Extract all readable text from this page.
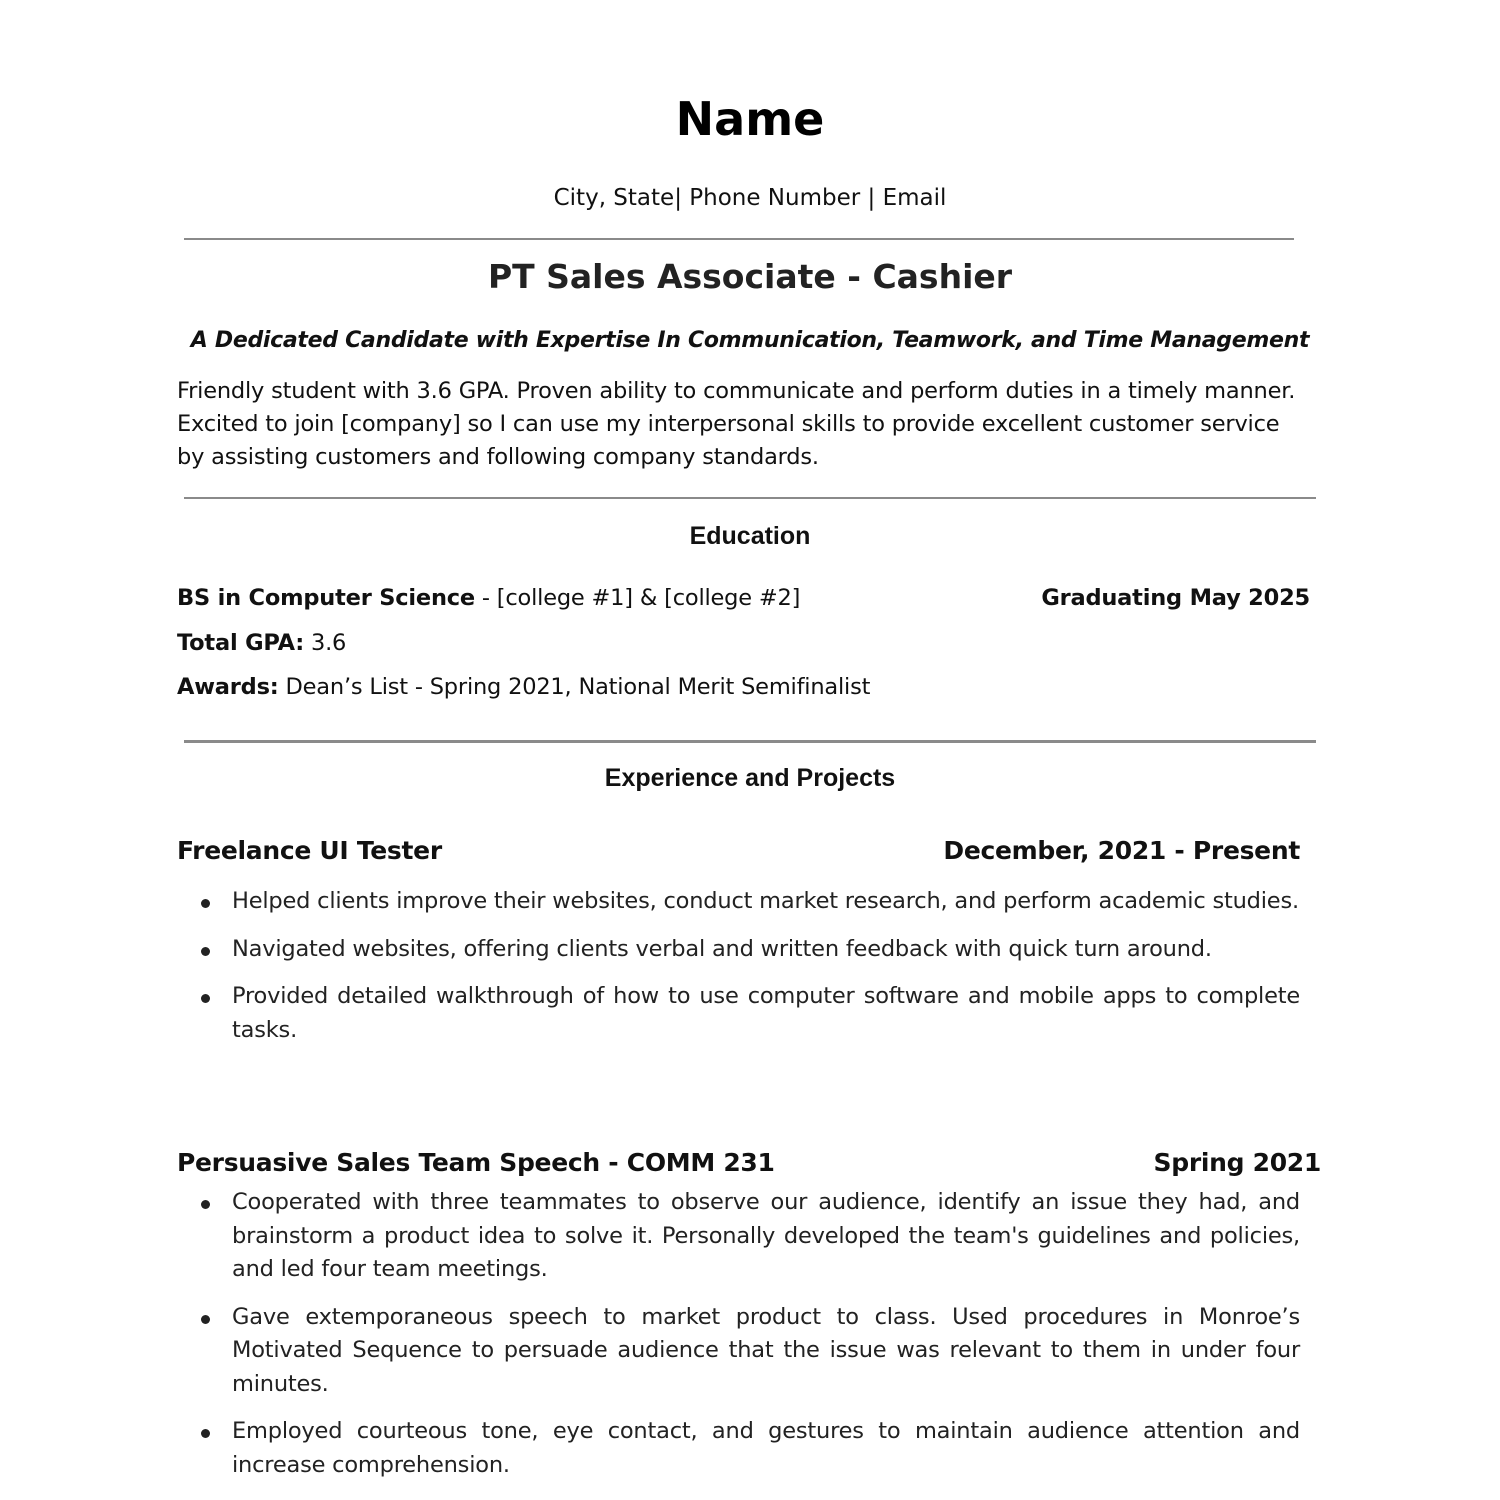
Name
City, State| Phone Number | Email
PT Sales Associate - Cashier
A Dedicated Candidate with Expertise In Communication, Teamwork, and Time Management
Friendly student with 3.6 GPA. Proven ability to communicate and perform duties in a timely manner. Excited to join [company] so I can use my interpersonal skills to provide excellent customer service by assisting customers and following company standards.
Education
BS in Computer Science - [college #1] & [college #2]	Graduating May 2025
Total GPA: 3.6
Awards: Dean’s List - Spring 2021, National Merit Semifinalist
Experience and Projects
Freelance UI Tester	December, 2021 - Present
Helped clients improve their websites, conduct market research, and perform academic studies.
Navigated websites, offering clients verbal and written feedback with quick turn around.
Provided detailed walkthrough of how to use computer software and mobile apps to complete tasks.
Persuasive Sales Team Speech - COMM 231	Spring 2021
Cooperated with three teammates to observe our audience, identify an issue they had, and brainstorm a product idea to solve it. Personally developed the team's guidelines and policies, and led four team meetings.
Gave extemporaneous speech to market product to class. Used procedures in Monroe’s Motivated Sequence to persuade audience that the issue was relevant to them in under four minutes.
Employed courteous tone, eye contact, and gestures to maintain audience attention and increase comprehension.
